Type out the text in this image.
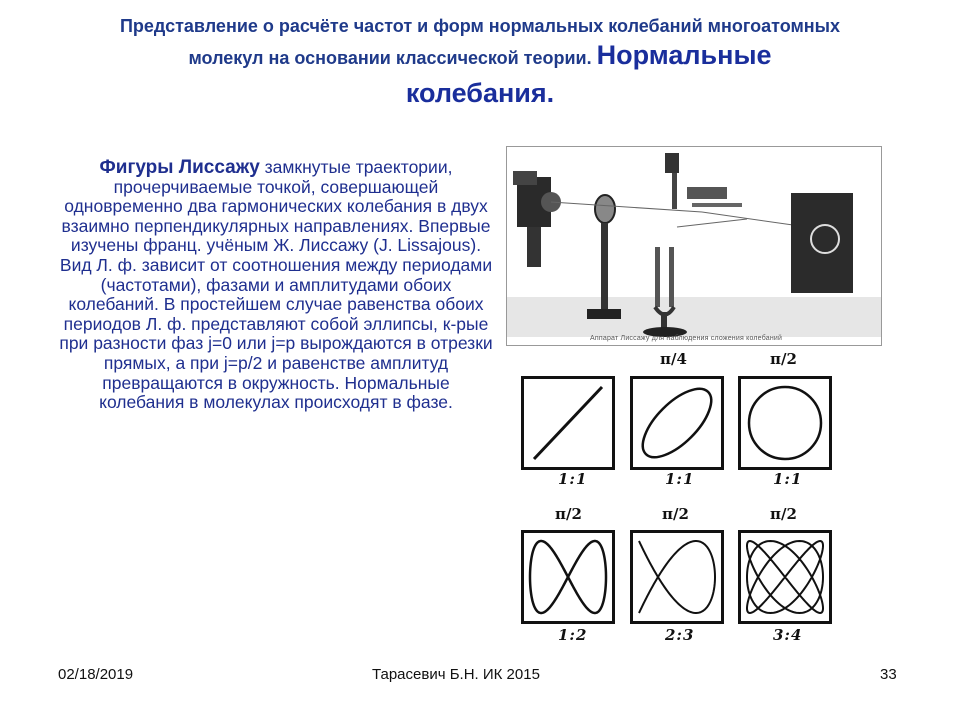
Представление о расчёте частот и форм нормальных колебаний многоатомных
молекул на основании классической теории. Нормальные
колебания.
Фигуры Лиссажу замкнутые траектории, прочерчиваемые точкой, совершающей одновременно два гармонических колебания в двух взаимно перпендикулярных направлениях. Впервые изучены франц. учёным Ж. Лиссажу (J. Lissajous). Вид Л. ф. зависит от соотношения между периодами (частотами), фазами и амплитудами обоих колебаний. В простейшем случае равенства обоих периодов Л. ф. представляют собой эллипсы, к-рые при разности фаз j=0 или j=p вырождаются в отрезки прямых, а при j=p/2 и равенстве амплитуд превращаются в окружность. Нормальные колебания в молекулах происходят в фазе.
Аппарат Лиссажу для наблюдения сложения колебаний
π/4	π/2
1:1	1:1	1:1
π/2	π/2	π/2
1:2	2:3	3:4
02/18/2019	Тарасевич Б.Н. ИК 2015	33
